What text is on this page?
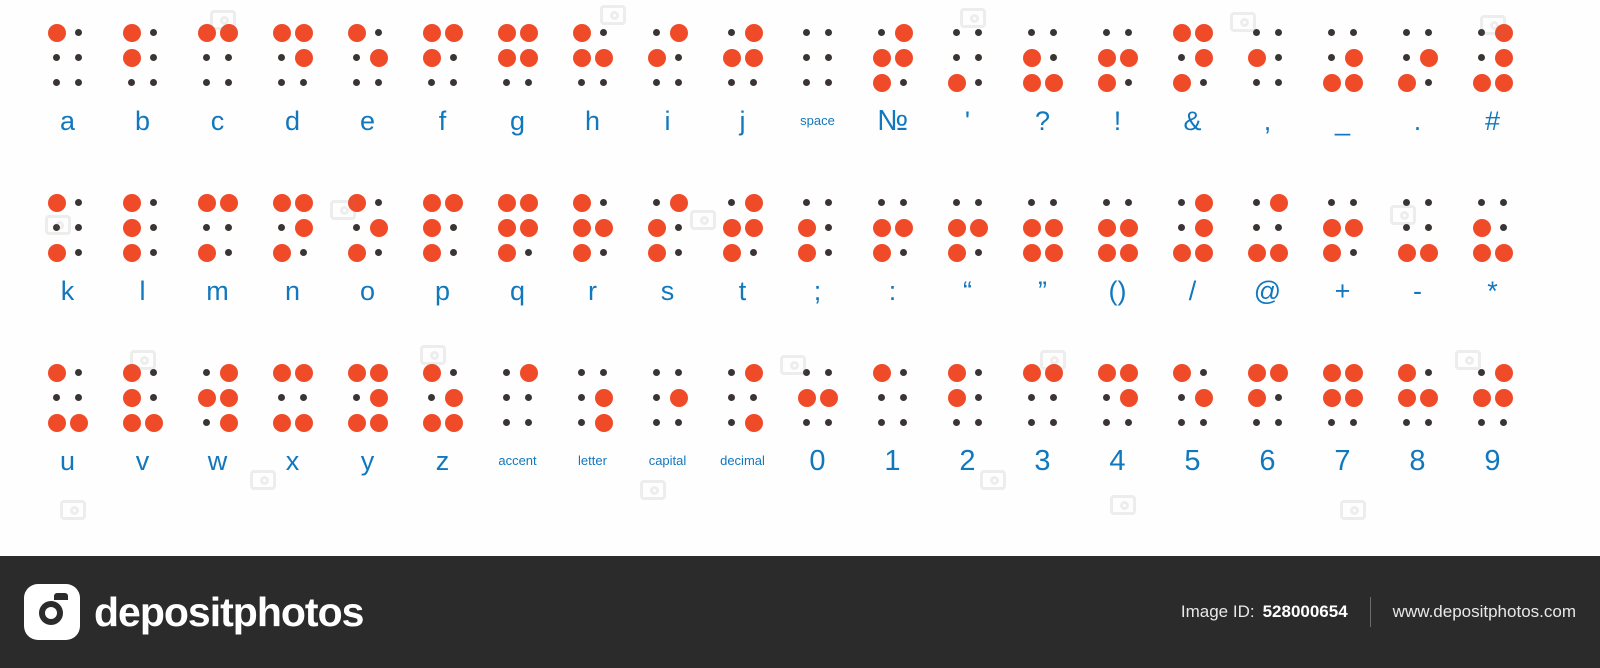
a b c d e f g h i	j	space № ' ? ! & , _ . #
k l m n o p q r s t ; : “ ” () / @ + - *
u v w x y z	accent	letter	capital	decimal 0 1 2 3 4 5 6 7 8 9
depositphotos	Image ID: 528000654	www.depositphotos.com
